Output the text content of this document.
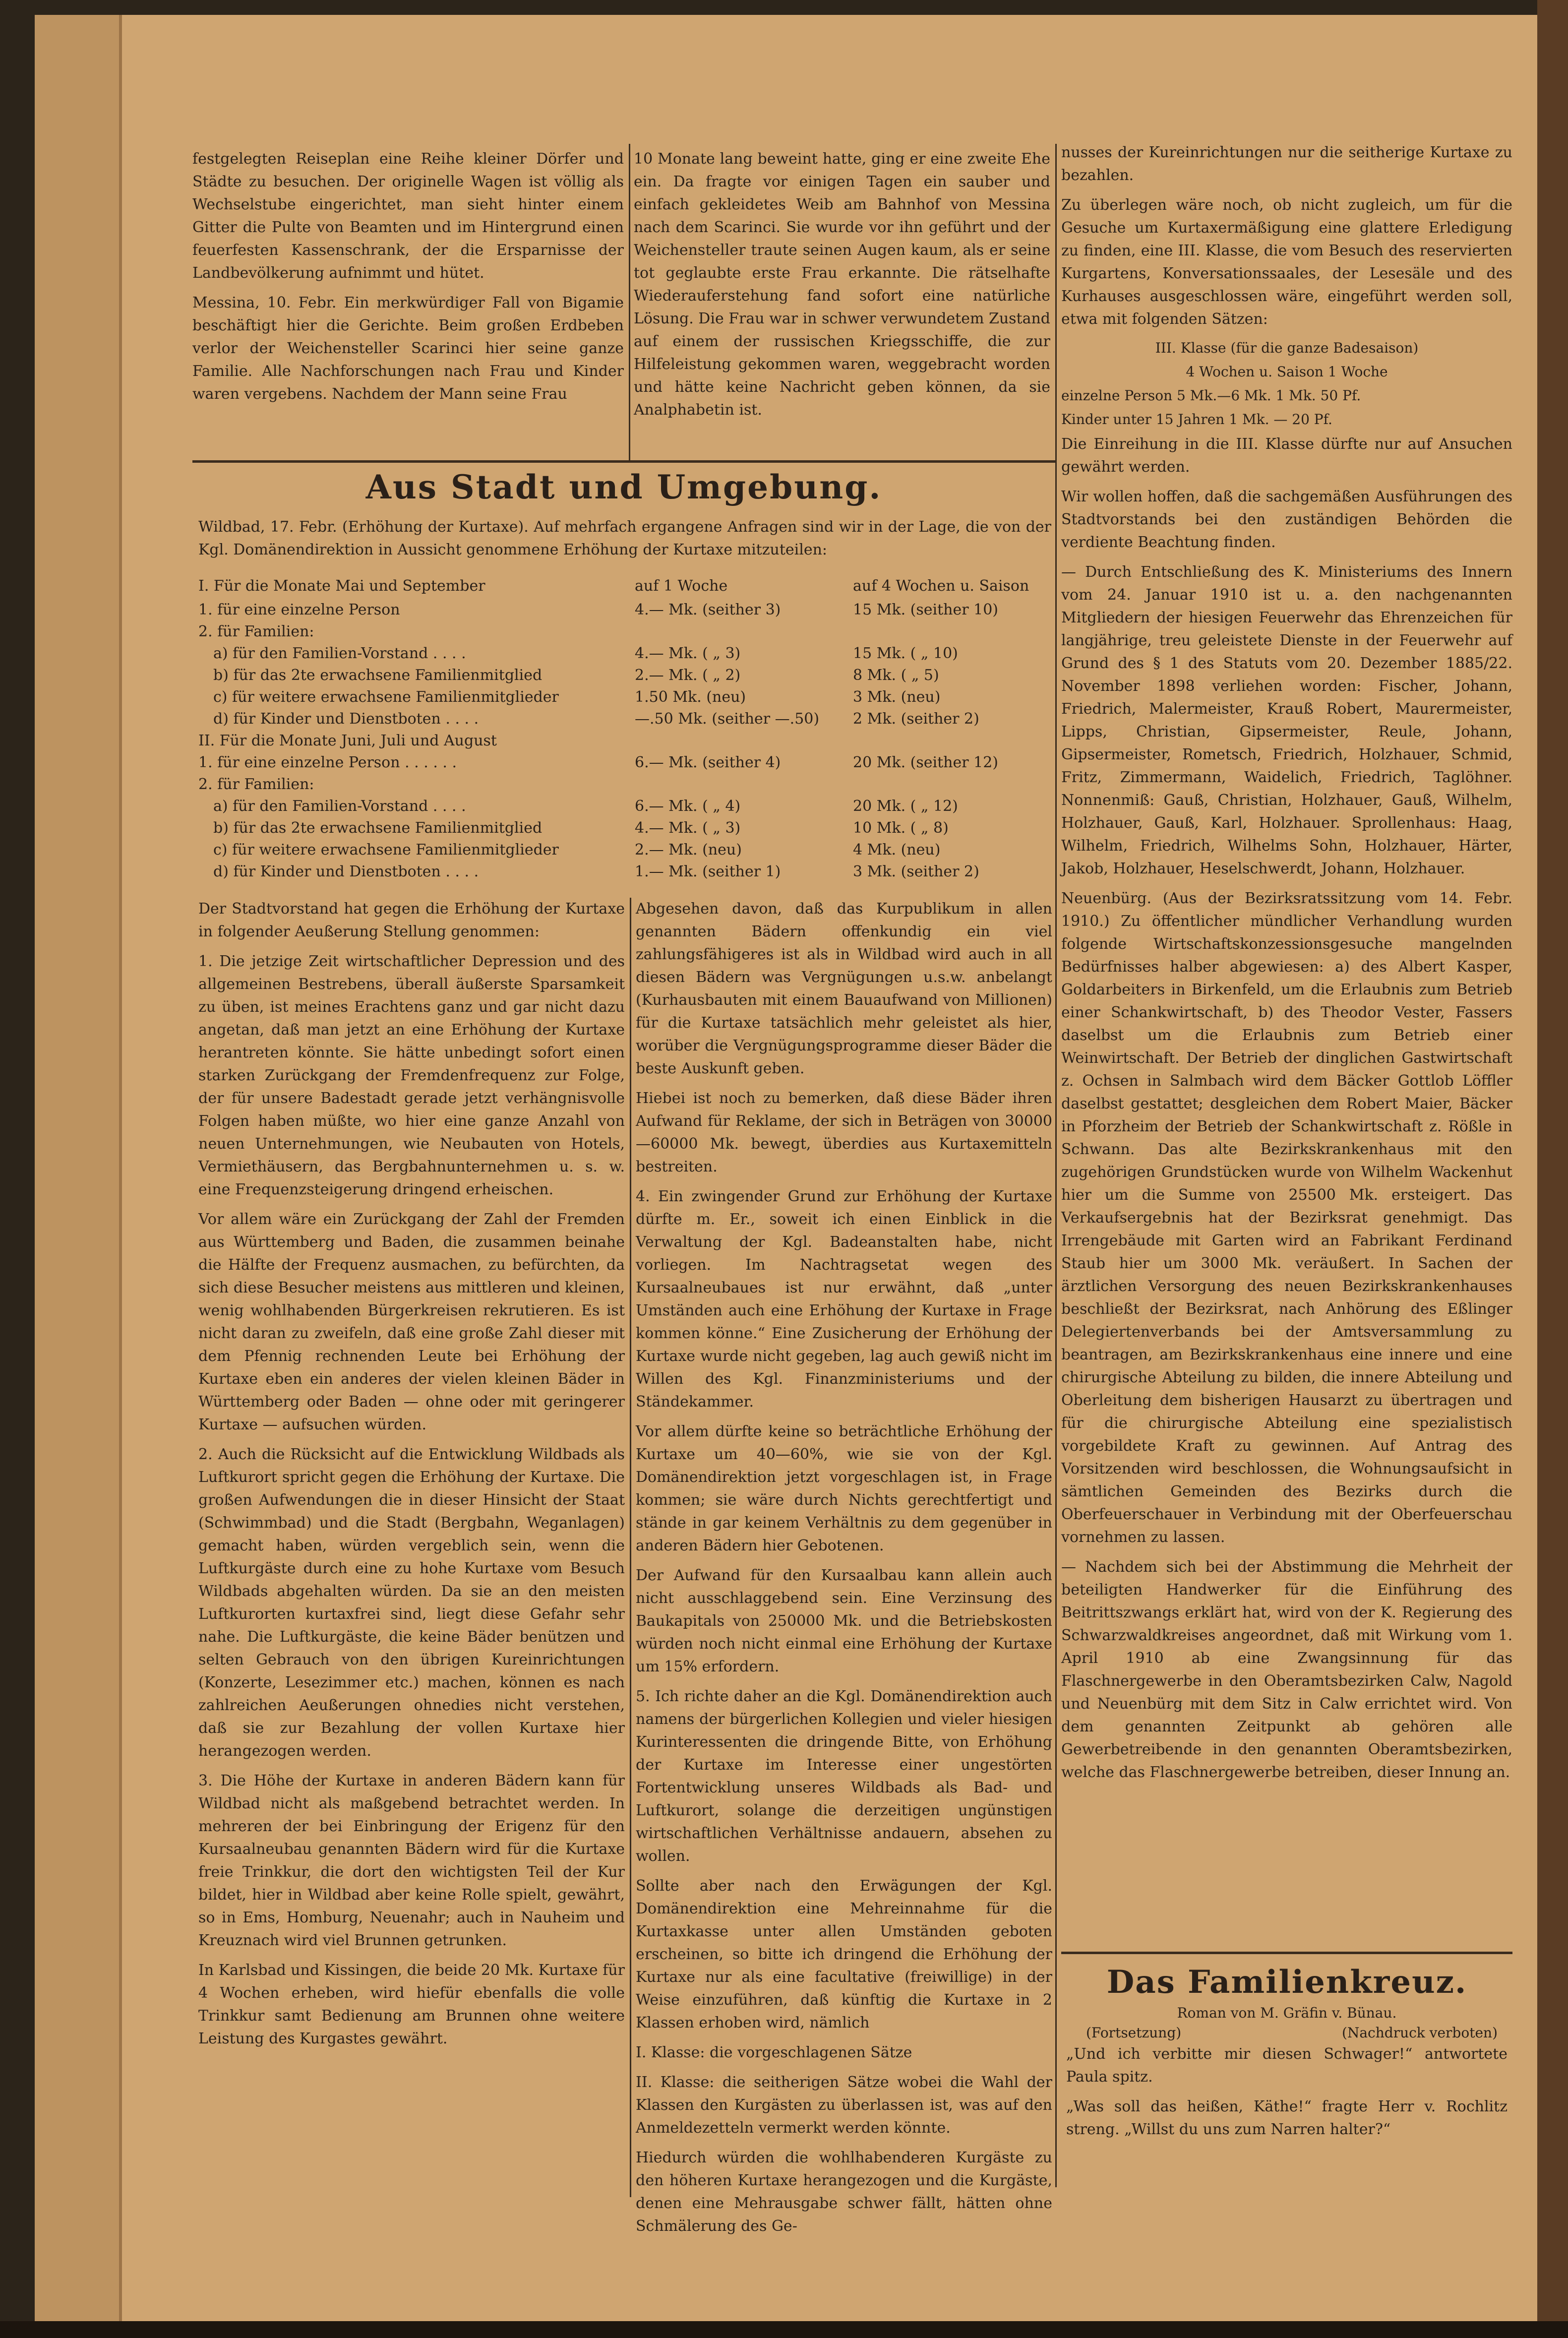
festgelegten Reiseplan eine Reihe kleiner Dörfer und Städte zu besuchen. Der originelle Wagen ist völlig als Wechselstube eingerichtet, man sieht hinter einem Gitter die Pulte von Beamten und im Hintergrund einen feuerfesten Kassenschrank, der die Ersparnisse der Landbevölkerung aufnimmt und hütet.

Messina, 10. Febr. Ein merkwürdiger Fall von Bigamie beschäftigt hier die Gerichte. Beim großen Erdbeben verlor der Weichensteller Scarinci hier seine ganze Familie. Alle Nachforschungen nach Frau und Kinder waren vergebens. Nachdem der Mann seine Frau

10 Monate lang beweint hatte, ging er eine zweite Ehe ein. Da fragte vor einigen Tagen ein sauber und einfach gekleidetes Weib am Bahnhof von Messina nach dem Scarinci. Sie wurde vor ihn geführt und der Weichensteller traute seinen Augen kaum, als er seine tot geglaubte erste Frau erkannte. Die rätselhafte Wiederauferstehung fand sofort eine natürliche Lösung. Die Frau war in schwer verwundetem Zustand auf einem der russischen Kriegsschiffe, die zur Hilfeleistung gekommen waren, weggebracht worden und hätte keine Nachricht geben können, da sie Analphabetin ist.

Aus Stadt und Umgebung.

Wildbad, 17. Febr. (Erhöhung der Kurtaxe). Auf mehrfach ergangene Anfragen sind wir in der Lage, die von der Kgl. Domänendirektion in Aussicht genommene Erhöhung der Kurtaxe mitzuteilen:

I. Für die Monate Mai und September	auf 1 Woche	auf 4 Wochen u. Saison
1. für eine einzelne Person	4.— Mk. (seither 3)	15 Mk. (seither 10)
2. für Familien:
a) für den Familien-Vorstand . . . .	4.— Mk. ( „ 3)	15 Mk. ( „ 10)
b) für das 2te erwachsene Familienmitglied	2.— Mk. ( „ 2)	8 Mk. ( „ 5)
c) für weitere erwachsene Familienmitglieder	1.50 Mk. (neu)	3 Mk. (neu)
d) für Kinder und Dienstboten . . . .	—.50 Mk. (seither —.50) 2 Mk. (seither 2)
II. Für die Monate Juni, Juli und August
1. für eine einzelne Person . . . . . .	6.— Mk. (seither 4)	20 Mk. (seither 12)
2. für Familien:
a) für den Familien-Vorstand . . . .	6.— Mk. ( „ 4)	20 Mk. ( „ 12)
b) für das 2te erwachsene Familienmitglied	4.— Mk. ( „ 3)	10 Mk. ( „ 8)
c) für weitere erwachsene Familienmitglieder	2.— Mk. (neu)	4 Mk. (neu)
d) für Kinder und Dienstboten . . . .	1.— Mk. (seither 1)	3 Mk. (seither 2)

Der Stadtvorstand hat gegen die Erhöhung der Kurtaxe in folgender Aeußerung Stellung genommen:

1. Die jetzige Zeit wirtschaftlicher Depression und des allgemeinen Bestrebens, überall äußerste Sparsamkeit zu üben, ist meines Erachtens ganz und gar nicht dazu angetan, daß man jetzt an eine Erhöhung der Kurtaxe herantreten könnte. Sie hätte unbedingt sofort einen starken Zurückgang der Fremdenfrequenz zur Folge, der für unsere Badestadt gerade jetzt verhängnisvolle Folgen haben müßte, wo hier eine ganze Anzahl von neuen Unternehmungen, wie Neubauten von Hotels, Vermiethäusern, das Bergbahnunternehmen u. s. w. eine Frequenzsteigerung dringend erheischen.

Vor allem wäre ein Zurückgang der Zahl der Fremden aus Württemberg und Baden, die zusammen beinahe die Hälfte der Frequenz ausmachen, zu befürchten, da sich diese Besucher meistens aus mittleren und kleinen, wenig wohlhabenden Bürgerkreisen rekrutieren. Es ist nicht daran zu zweifeln, daß eine große Zahl dieser mit dem Pfennig rechnenden Leute bei Erhöhung der Kurtaxe eben ein anderes der vielen kleinen Bäder in Württemberg oder Baden — ohne oder mit geringerer Kurtaxe — aufsuchen würden.

2. Auch die Rücksicht auf die Entwicklung Wildbads als Luftkurort spricht gegen die Erhöhung der Kurtaxe. Die großen Aufwendungen die in dieser Hinsicht der Staat (Schwimmbad) und die Stadt (Bergbahn, Weganlagen) gemacht haben, würden vergeblich sein, wenn die Luftkurgäste durch eine zu hohe Kurtaxe vom Besuch Wildbads abgehalten würden. Da sie an den meisten Luftkurorten kurtaxfrei sind, liegt diese Gefahr sehr nahe. Die Luftkurgäste, die keine Bäder benützen und selten Gebrauch von den übrigen Kureinrichtungen (Konzerte, Lesezimmer etc.) machen, können es nach zahlreichen Aeußerungen ohnedies nicht verstehen, daß sie zur Bezahlung der vollen Kurtaxe hier herangezogen werden.

3. Die Höhe der Kurtaxe in anderen Bädern kann für Wildbad nicht als maßgebend betrachtet werden. In mehreren der bei Einbringung der Erigenz für den Kursaalneubau genannten Bädern wird für die Kurtaxe freie Trinkkur, die dort den wichtigsten Teil der Kur bildet, hier in Wildbad aber keine Rolle spielt, gewährt, so in Ems, Homburg, Neuenahr; auch in Nauheim und Kreuznach wird viel Brunnen getrunken.

In Karlsbad und Kissingen, die beide 20 Mk. Kurtaxe für 4 Wochen erheben, wird hiefür ebenfalls die volle Trinkkur samt Bedienung am Brunnen ohne weitere Leistung des Kurgastes gewährt.

Abgesehen davon, daß das Kurpublikum in allen genannten Bädern offenkundig ein viel zahlungsfähigeres ist als in Wildbad wird auch in all diesen Bädern was Vergnügungen u.s.w. anbelangt (Kurhausbauten mit einem Bauaufwand von Millionen) für die Kurtaxe tatsächlich mehr geleistet als hier, worüber die Vergnügungsprogramme dieser Bäder die beste Auskunft geben.

Hiebei ist noch zu bemerken, daß diese Bäder ihren Aufwand für Reklame, der sich in Beträgen von 30000—60000 Mk. bewegt, überdies aus Kurtaxemitteln bestreiten.

4. Ein zwingender Grund zur Erhöhung der Kurtaxe dürfte m. Er., soweit ich einen Einblick in die Verwaltung der Kgl. Badeanstalten habe, nicht vorliegen. Im Nachtragsetat wegen des Kursaalneubaues ist nur erwähnt, daß „unter Umständen auch eine Erhöhung der Kurtaxe in Frage kommen könne.“ Eine Zusicherung der Erhöhung der Kurtaxe wurde nicht gegeben, lag auch gewiß nicht im Willen des Kgl. Finanzministeriums und der Ständekammer.

Vor allem dürfte keine so beträchtliche Erhöhung der Kurtaxe um 40—60%, wie sie von der Kgl. Domänendirektion jetzt vorgeschlagen ist, in Frage kommen; sie wäre durch Nichts gerechtfertigt und stände in gar keinem Verhältnis zu dem gegenüber in anderen Bädern hier Gebotenen.

Der Aufwand für den Kursaalbau kann allein auch nicht ausschlaggebend sein. Eine Verzinsung des Baukapitals von 250000 Mk. und die Betriebskosten würden noch nicht einmal eine Erhöhung der Kurtaxe um 15% erfordern.

5. Ich richte daher an die Kgl. Domänendirektion auch namens der bürgerlichen Kollegien und vieler hiesigen Kurinteressenten die dringende Bitte, von Erhöhung der Kurtaxe im Interesse einer ungestörten Fortentwicklung unseres Wildbads als Bad- und Luftkurort, solange die derzeitigen ungünstigen wirtschaftlichen Verhältnisse andauern, absehen zu wollen.

Sollte aber nach den Erwägungen der Kgl. Domänendirektion eine Mehreinnahme für die Kurtaxkasse unter allen Umständen geboten erscheinen, so bitte ich dringend die Erhöhung der Kurtaxe nur als eine facultative (freiwillige) in der Weise einzuführen, daß künftig die Kurtaxe in 2 Klassen erhoben wird, nämlich

I. Klasse: die vorgeschlagenen Sätze

II. Klasse: die seitherigen Sätze wobei die Wahl der Klassen den Kurgästen zu überlassen ist, was auf den Anmeldezetteln vermerkt werden könnte.

Hiedurch würden die wohlhabenderen Kurgäste zu den höheren Kurtaxe herangezogen und die Kurgäste, denen eine Mehrausgabe schwer fällt, hätten ohne Schmälerung des Ge-

nusses der Kureinrichtungen nur die seitherige Kurtaxe zu bezahlen.

Zu überlegen wäre noch, ob nicht zugleich, um für die Gesuche um Kurtaxermäßigung eine glattere Erledigung zu finden, eine III. Klasse, die vom Besuch des reservierten Kurgartens, Konversationssaales, der Lesesäle und des Kurhauses ausgeschlossen wäre, eingeführt werden soll, etwa mit folgenden Sätzen:

III. Klasse (für die ganze Badesaison)
4 Wochen u. Saison 1 Woche
einzelne Person 5 Mk.—6 Mk. 1 Mk. 50 Pf.
Kinder unter 15 Jahren 1 Mk. — 20 Pf.

Die Einreihung in die III. Klasse dürfte nur auf Ansuchen gewährt werden.

Wir wollen hoffen, daß die sachgemäßen Ausführungen des Stadtvorstands bei den zuständigen Behörden die verdiente Beachtung finden.

— Durch Entschließung des K. Ministeriums des Innern vom 24. Januar 1910 ist u. a. den nachgenannten Mitgliedern der hiesigen Feuerwehr das Ehrenzeichen für langjährige, treu geleistete Dienste in der Feuerwehr auf Grund des § 1 des Statuts vom 20. Dezember 1885/22. November 1898 verliehen worden: Fischer, Johann, Friedrich, Malermeister, Krauß Robert, Maurermeister, Lipps, Christian, Gipsermeister, Reule, Johann, Gipsermeister, Rometsch, Friedrich, Holzhauer, Schmid, Fritz, Zimmermann, Waidelich, Friedrich, Taglöhner. Nonnenmiß: Gauß, Christian, Holzhauer, Gauß, Wilhelm, Holzhauer, Gauß, Karl, Holzhauer. Sprollenhaus: Haag, Wilhelm, Friedrich, Wilhelms Sohn, Holzhauer, Härter, Jakob, Holzhauer, Heselschwerdt, Johann, Holzhauer.

Neuenbürg. (Aus der Bezirksratssitzung vom 14. Febr. 1910.) Zu öffentlicher mündlicher Verhandlung wurden folgende Wirtschaftskonzessionsgesuche mangelnden Bedürfnisses halber abgewiesen: a) des Albert Kasper, Goldarbeiters in Birkenfeld, um die Erlaubnis zum Betrieb einer Schankwirtschaft, b) des Theodor Vester, Fassers daselbst um die Erlaubnis zum Betrieb einer Weinwirtschaft. Der Betrieb der dinglichen Gastwirtschaft z. Ochsen in Salmbach wird dem Bäcker Gottlob Löffler daselbst gestattet; desgleichen dem Robert Maier, Bäcker in Pforzheim der Betrieb der Schankwirtschaft z. Rößle in Schwann. Das alte Bezirkskrankenhaus mit den zugehörigen Grundstücken wurde von Wilhelm Wackenhut hier um die Summe von 25500 Mk. ersteigert. Das Verkaufsergebnis hat der Bezirksrat genehmigt. Das Irrengebäude mit Garten wird an Fabrikant Ferdinand Staub hier um 3000 Mk. veräußert. In Sachen der ärztlichen Versorgung des neuen Bezirkskrankenhauses beschließt der Bezirksrat, nach Anhörung des Eßlinger Delegiertenverbands bei der Amtsversammlung zu beantragen, am Bezirkskrankenhaus eine innere und eine chirurgische Abteilung zu bilden, die innere Abteilung und Oberleitung dem bisherigen Hausarzt zu übertragen und für die chirurgische Abteilung eine spezialistisch vorgebildete Kraft zu gewinnen. Auf Antrag des Vorsitzenden wird beschlossen, die Wohnungsaufsicht in sämtlichen Gemeinden des Bezirks durch die Oberfeuerschauer in Verbindung mit der Oberfeuerschau vornehmen zu lassen.

— Nachdem sich bei der Abstimmung die Mehrheit der beteiligten Handwerker für die Einführung des Beitrittszwangs erklärt hat, wird von der K. Regierung des Schwarzwaldkreises angeordnet, daß mit Wirkung vom 1. April 1910 ab eine Zwangsinnung für das Flaschnergewerbe in den Oberamtsbezirken Calw, Nagold und Neuenbürg mit dem Sitz in Calw errichtet wird. Von dem genannten Zeitpunkt ab gehören alle Gewerbetreibende in den genannten Oberamtsbezirken, welche das Flaschnergewerbe betreiben, dieser Innung an.

Das Familienkreuz.
Roman von M. Gräfin v. Bünau.
(Fortsetzung)	(Nachdruck verboten)

„Und ich verbitte mir diesen Schwager!“ antwortete Paula spitz.

„Was soll das heißen, Käthe!“ fragte Herr v. Rochlitz streng. „Willst du uns zum Narren halter?“
